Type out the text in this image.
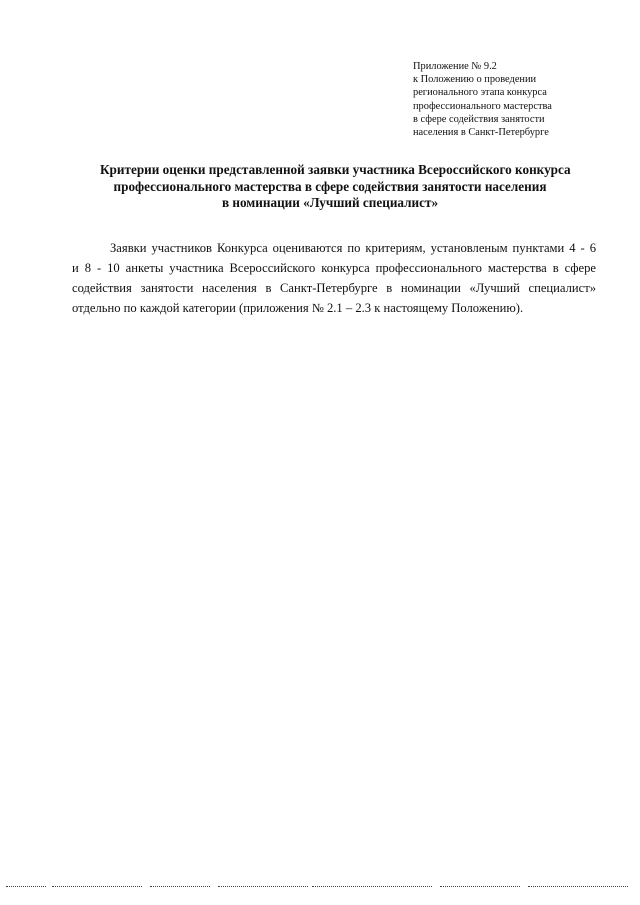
Приложение № 9.2
к Положению о проведении
регионального этапа конкурса
профессионального мастерства
в сфере содействия занятости
населения в Санкт-Петербурге
Критерии оценки представленной заявки участника Всероссийского конкурса
профессионального мастерства в сфере содействия занятости населения
в номинации «Лучший специалист»
Заявки участников Конкурса оцениваются по критериям, установленым пунктами 4 - 6
и 8 - 10 анкеты участника Всероссийского конкурса профессионального мастерства в сфере
содействия занятости населения в Санкт-Петербурге в номинации «Лучший специалист»
отдельно по каждой категории (приложения № 2.1 – 2.3 к настоящему Положению).
